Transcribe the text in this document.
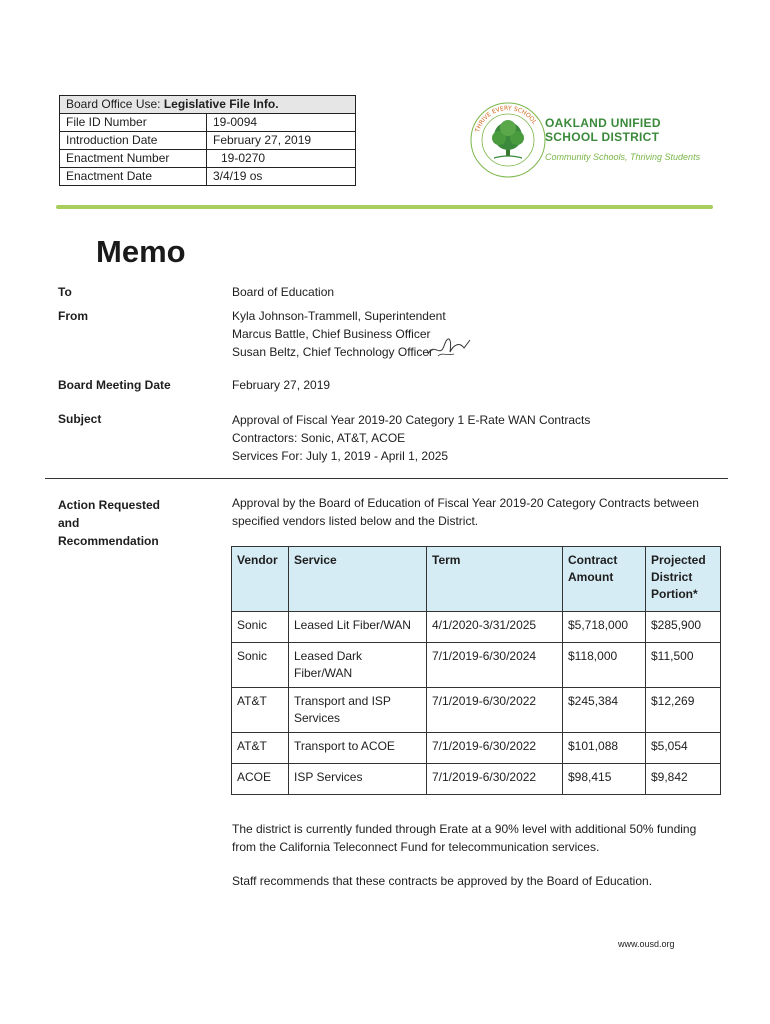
Board Office Use: Legislative File Info.
File ID Number	19-0094
Introduction Date	February 27, 2019
Enactment Number	19-0270
Enactment Date	3/4/19 os
THRIVE EVERY SCHOOL OAKLAND UNIFIED
SCHOOL DISTRICT
Community Schools, Thriving Students
Memo
To	Board of Education
From	Kyla Johnson-Trammell, Superintendent
Marcus Battle, Chief Business Officer
Susan Beltz, Chief Technology Officer
Board Meeting Date	February 27, 2019
Subject	Approval of Fiscal Year 2019-20 Category 1 E-Rate WAN Contracts
Contractors: Sonic, AT&T, ACOE
Services For: July 1, 2019 - April 1, 2025
Action Requested
and
Recommendation
Approval by the Board of Education of Fiscal Year 2019-20 Category Contracts between specified vendors listed below and the District.
Vendor	Service	Term	Contract Amount	Projected District Portion*
Sonic	Leased Lit Fiber/WAN	4/1/2020-3/31/2025	$5,718,000	$285,900
Sonic	Leased Dark Fiber/WAN	7/1/2019-6/30/2024	$118,000	$11,500
AT&T	Transport and ISP Services	7/1/2019-6/30/2022	$245,384	$12,269
AT&T	Transport to ACOE	7/1/2019-6/30/2022	$101,088	$5,054
ACOE	ISP Services	7/1/2019-6/30/2022	$98,415	$9,842
The district is currently funded through Erate at a 90% level with additional 50% funding from the California Teleconnect Fund for telecommunication services.
Staff recommends that these contracts be approved by the Board of Education.
www.ousd.org
